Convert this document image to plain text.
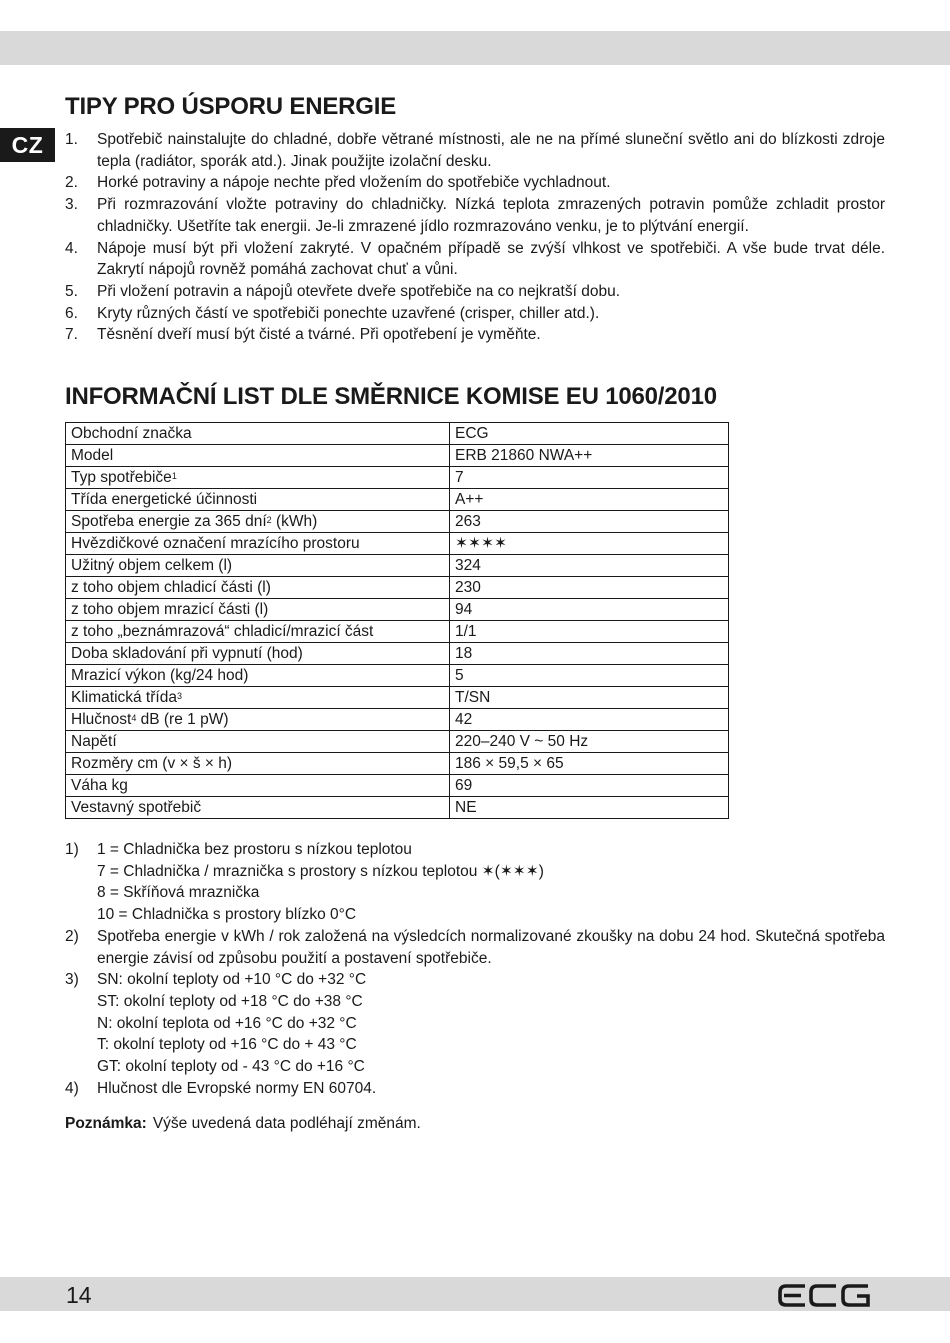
CZ
TIPY PRO ÚSPORU ENERGIE
1.	Spotřebič nainstalujte do chladné, dobře větrané místnosti, ale ne na přímé sluneční světlo ani do blízkosti zdroje tepla (radiátor, sporák atd.). Jinak použijte izolační desku.
2.	Horké potraviny a nápoje nechte před vložením do spotřebiče vychladnout.
3.	Při rozmrazování vložte potraviny do chladničky. Nízká teplota zmrazených potravin pomůže zchladit prostor chladničky. Ušetříte tak energii. Je-li zmrazené jídlo rozmrazováno venku, je to plýtvání energií.
4.	Nápoje musí být při vložení zakryté. V opačném případě se zvýší vlhkost ve spotřebiči. A vše bude trvat déle. Zakrytí nápojů rovněž pomáhá zachovat chuť a vůni.
5.	Při vložení potravin a nápojů otevřete dveře spotřebiče na co nejkratší dobu.
6.	Kryty různých částí ve spotřebiči ponechte uzavřené (crisper, chiller atd.).
7.	Těsnění dveří musí být čisté a tvárné. Při opotřebení je vyměňte.
INFORMAČNÍ LIST DLE SMĚRNICE KOMISE EU 1060/2010
Obchodní značka	ECG
Model	ERB 21860 NWA++
Typ spotřebiče$^1$	7
Třída energetické účinnosti	A++
Spotřeba energie za 365 dní$^2$ (kWh)	263
Hvězdičkové označení mrazícího prostoru	✶✶✶✶
Užitný objem celkem (l)	324
z toho objem chladicí části (l)	230
z toho objem mrazicí části (l)	94
z toho „beznámrazová“ chladicí/mrazicí část	1/1
Doba skladování při vypnutí (hod)	18
Mrazicí výkon (kg/24 hod)	5
Klimatická třída$^3$	T/SN
Hlučnost$^4$ dB (re 1 pW)	42
Napětí	220–240 V ~ 50 Hz
Rozměry cm (v × š × h)	186 × 59,5 × 65
Váha kg	69
Vestavný spotřebič	NE
1)	1 = Chladnička bez prostoru s nízkou teplotou
7 = Chladnička / mraznička s prostory s nízkou teplotou ✶(✶✶✶)
8 = Skříňová mraznička
10 = Chladnička s prostory blízko 0°C
2)	Spotřeba energie v kWh / rok založená na výsledcích normalizované zkoušky na dobu 24 hod. Skutečná spotřeba energie závisí od způsobu použití a postavení spotřebiče.
3)	SN: okolní teploty od +10 °C do +32 °C
ST: okolní teploty od +18 °C do +38 °C
N: okolní teplota od +16 °C do +32 °C
T: okolní teploty od +16 °C do + 43 °C
GT: okolní teploty od - 43 °C do +16 °C
4)	Hlučnost dle Evropské normy EN 60704.
Poznámka: Výše uvedená data podléhají změnám.
14
